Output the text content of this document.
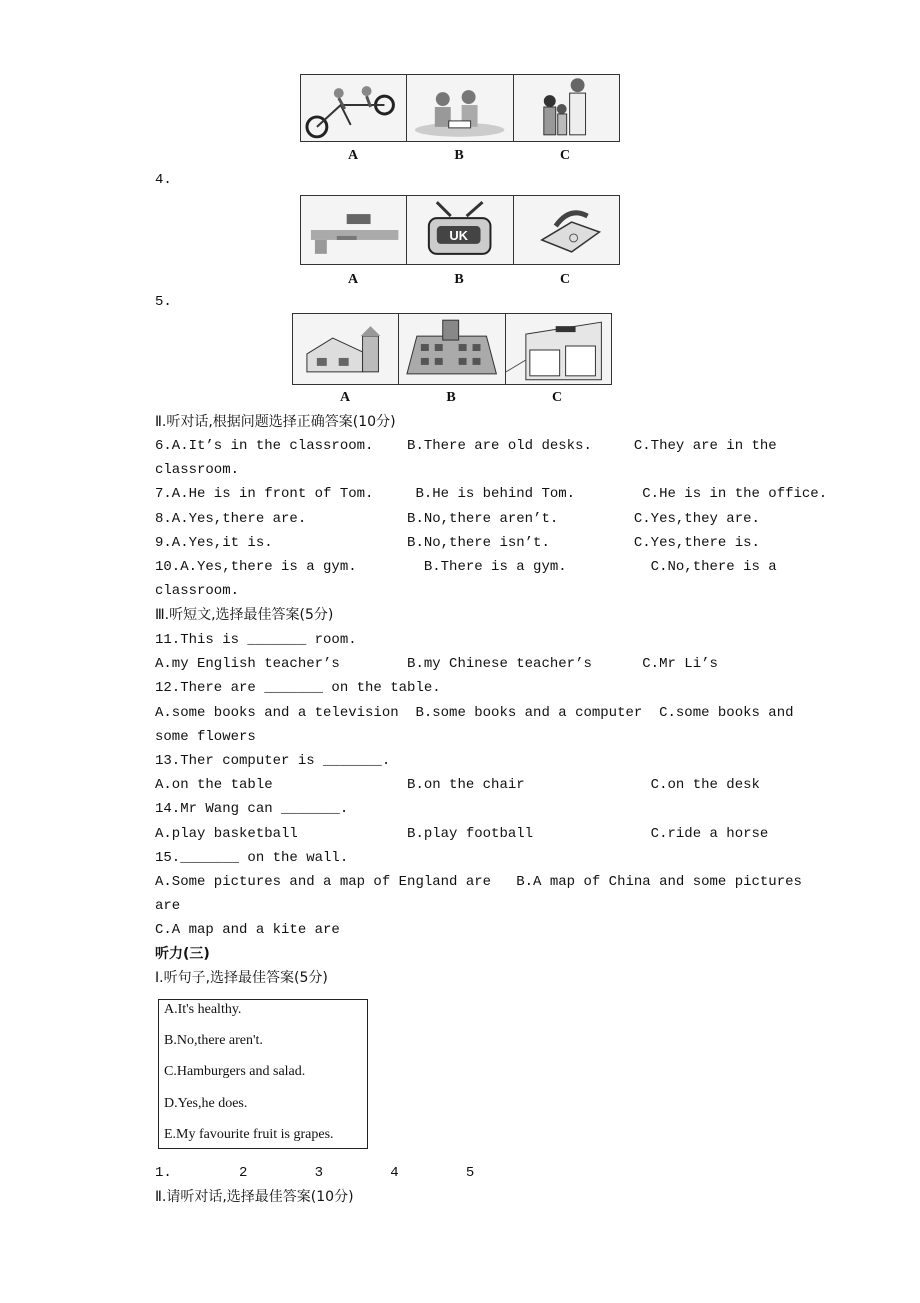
A	B	C
4.
UK
A	B	C
5.
A	B	C
Ⅱ.听对话,根据问题选择正确答案(10分)
6.A.It’s in the classroom.    B.There are old desks.     C.They are in the
classroom.
7.A.He is in front of Tom.     B.He is behind Tom.        C.He is in the office.
8.A.Yes,there are.            B.No,there aren’t.         C.Yes,they are.
9.A.Yes,it is.                B.No,there isn’t.          C.Yes,there is.
10.A.Yes,there is a gym.        B.There is a gym.          C.No,there is a
classroom.
Ⅲ.听短文,选择最佳答案(5分)
11.This is _______ room.
A.my English teacher’s        B.my Chinese teacher’s      C.Mr Li’s
12.There are _______ on the table.
A.some books and a television  B.some books and a computer  C.some books and
some flowers
13.Ther computer is _______.
A.on the table                B.on the chair               C.on the desk
14.Mr Wang can _______.
A.play basketball             B.play football              C.ride a horse
15._______ on the wall.
A.Some pictures and a map of England are   B.A map of China and some pictures
are
C.A map and a kite are
听力(三)
Ⅰ.听句子,选择最佳答案(5分)
A.It's healthy.
B.No,there aren't.
C.Hamburgers and salad.
D.Yes,he does.
E.My favourite fruit is grapes.
1.        2        3        4        5
Ⅱ.请听对话,选择最佳答案(10分)
